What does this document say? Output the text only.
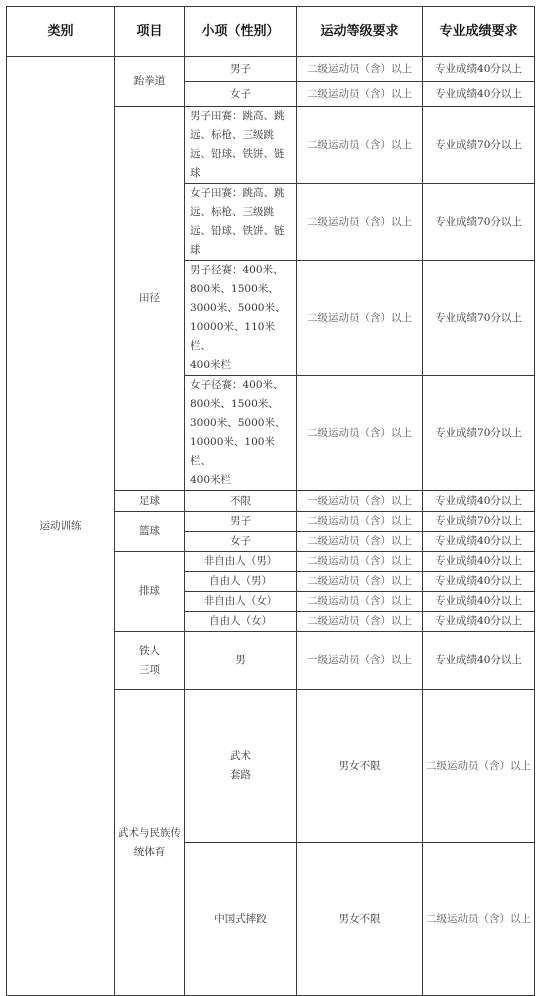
类别	项目	小项（性别）	运动等级要求	专业成绩要求	
运动训练	跆拳道	男子	二级运动员（含）以上	专业成绩40分以上	
		女子	二级运动员（含）以上	专业成绩40分以上	
	田径	男子田赛：跳高、跳
远、标枪、三级跳
远、铅球、铁饼、链
球	二级运动员（含）以上	专业成绩70分以上	

		女子田赛：跳高、跳
远、标枪、三级跳
远、铅球、铁饼、链
球	二级运动员（含）以上	专业成绩70分以上	

		男子径赛：400米、
800米、1500米、
3000米、5000米、
10000米、110米栏、
400米栏	二级运动员（含）以上	专业成绩70分以上	

		女子径赛：400米、
800米、1500米、
3000米、5000米、
10000米、100米栏、
400米栏	二级运动员（含）以上	专业成绩70分以上	
	足球	不限	一级运动员（含）以上	专业成绩40分以上	
	篮球	男子	二级运动员（含）以上	专业成绩70分以上	
		女子	二级运动员（含）以上	专业成绩40分以上	
	排球	非自由人（男）	二级运动员（含）以上	专业成绩40分以上	
		自由人（男）	二级运动员（含）以上	专业成绩40分以上	
		非自由人（女）	二级运动员（含）以上	专业成绩40分以上	
		自由人（女）	二级运动员（含）以上	专业成绩40分以上	

	铁人
三项	男	一级运动员（含）以上	专业成绩40分以上	
	武术与民族传统体育	武术
套路	男女不限	二级运动员（含）以上	
		中国式摔跤	男女不限	二级运动员（含）以上	
